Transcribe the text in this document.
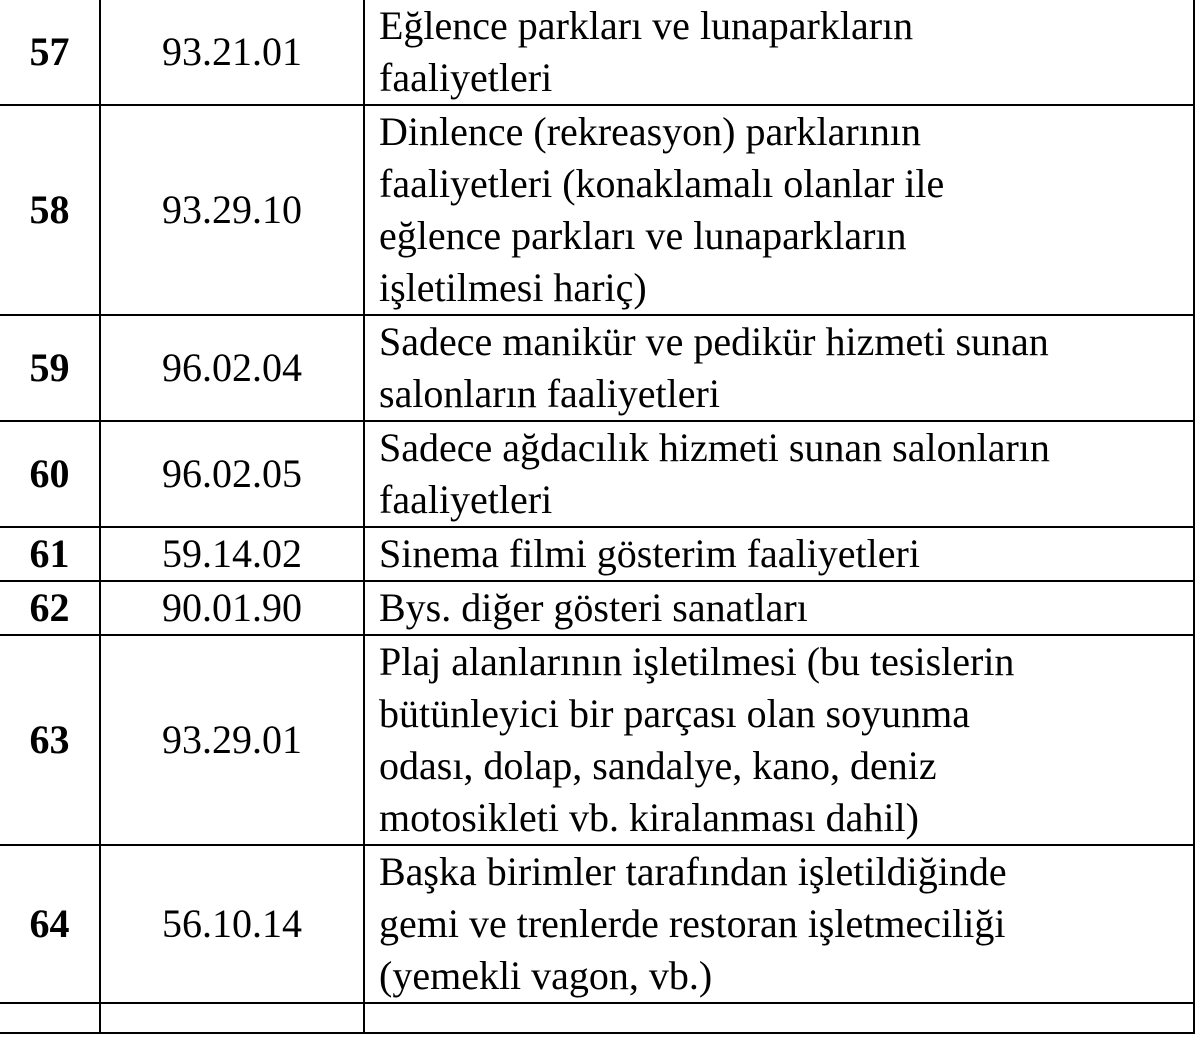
57	93.21.01	Eğlence parkları ve lunaparkların
faaliyetleri

58	93.29.10	Dinlence (rekreasyon) parklarının
faaliyetleri (konaklamalı olanlar ile
eğlence parkları ve lunaparkların
işletilmesi hariç)

59	96.02.04	Sadece manikür ve pedikür hizmeti sunan
salonların faaliyetleri

60	96.02.05	Sadece ağdacılık hizmeti sunan salonların
faaliyetleri

61	59.14.02	Sinema filmi gösterim faaliyetleri

62	90.01.90	Bys. diğer gösteri sanatları

63	93.29.01	Plaj alanlarının işletilmesi (bu tesislerin
bütünleyici bir parçası olan soyunma
odası, dolap, sandalye, kano, deniz
motosikleti vb. kiralanması dahil)

64	56.10.14	Başka birimler tarafından işletildiğinde
gemi ve trenlerde restoran işletmeciliği
(yemekli vagon, vb.)
